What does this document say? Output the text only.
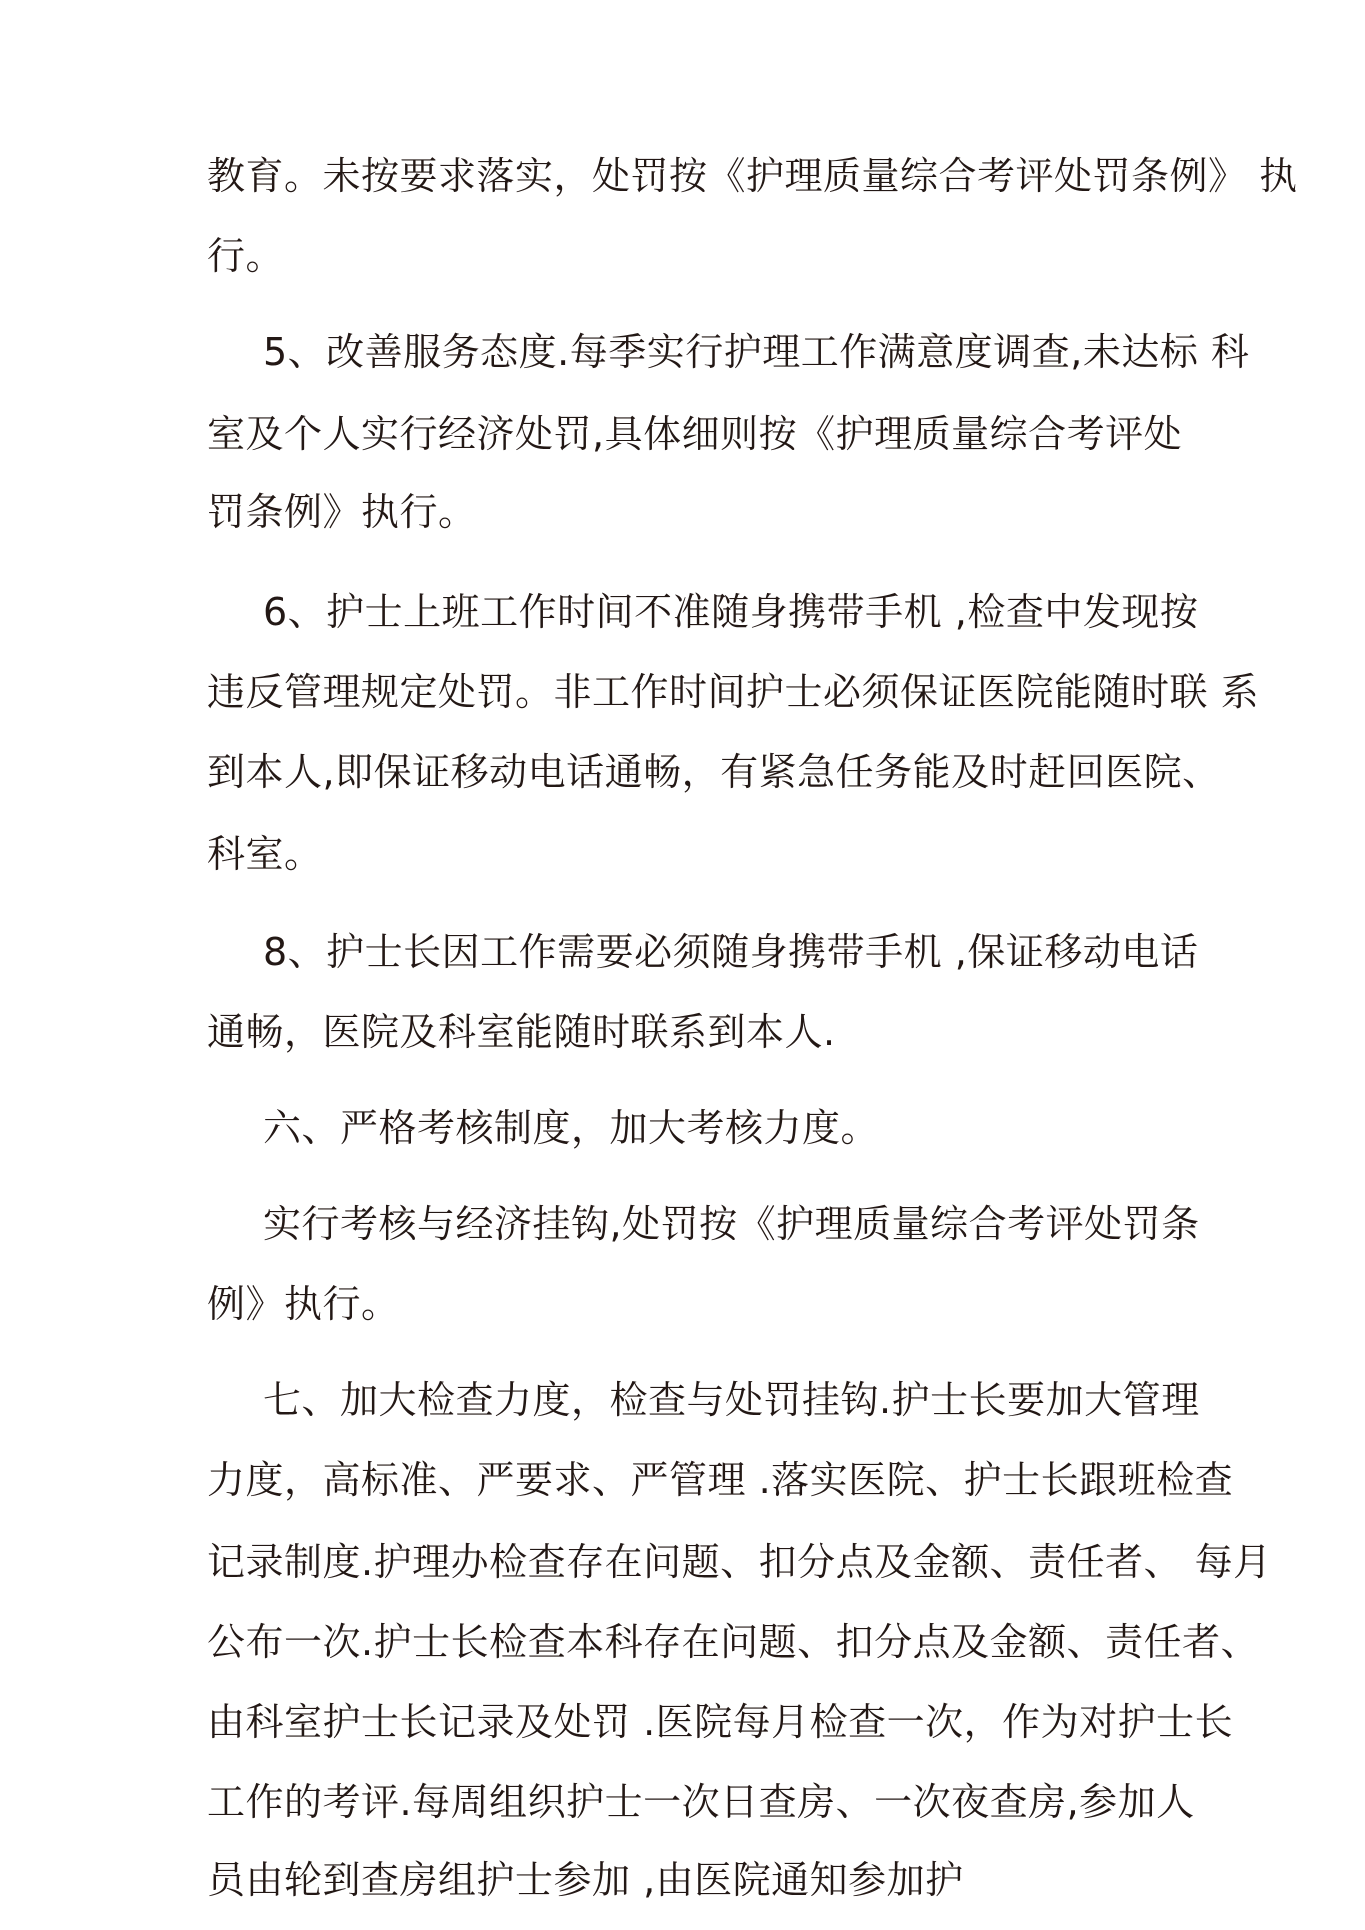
教育。未按要求落实，处罚按《护理质量综合考评处罚条例》 执
行。
5、改善服务态度.每季实行护理工作满意度调查,未达标 科
室及个人实行经济处罚,具体细则按《护理质量综合考评处
罚条例》执行。
6、护士上班工作时间不准随身携带手机 ,检查中发现按
违反管理规定处罚。非工作时间护士必须保证医院能随时联 系
到本人,即保证移动电话通畅，有紧急任务能及时赶回医院、
科室。
8、护士长因工作需要必须随身携带手机 ,保证移动电话
通畅，医院及科室能随时联系到本人.
六、严格考核制度，加大考核力度。
实行考核与经济挂钩,处罚按《护理质量综合考评处罚条
例》执行。
七、加大检查力度，检查与处罚挂钩.护士长要加大管理
力度，高标准、严要求、严管理 .落实医院、护士长跟班检查
记录制度.护理办检查存在问题、扣分点及金额、责任者、 每月
公布一次.护士长检查本科存在问题、扣分点及金额、责任者、
由科室护士长记录及处罚 .医院每月检查一次，作为对护士长
工作的考评.每周组织护士一次日查房、一次夜查房,参加人
员由轮到查房组护士参加 ,由医院通知参加护
